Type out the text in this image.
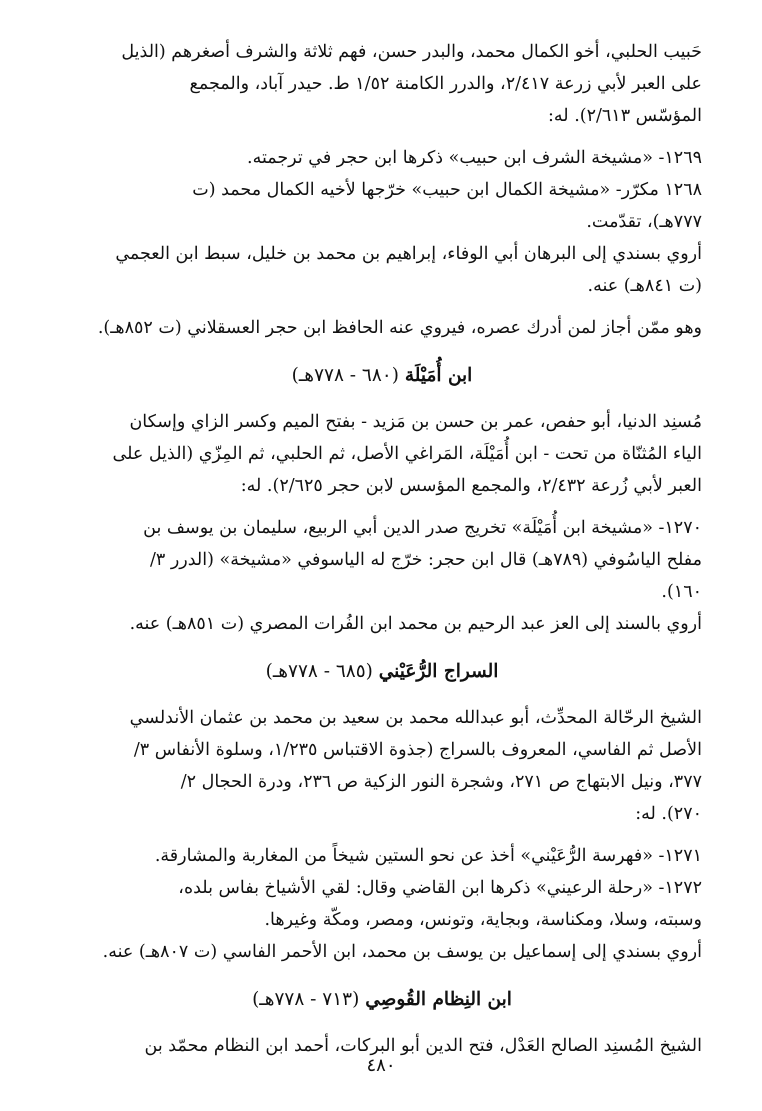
حَبيب الحلبي، أخو الكمال محمد، والبدر حسن، فهم ثلاثة والشرف أصغرهم (الذيل

على العبر لأبي زرعة ٢/٤١٧، والدرر الكامنة ١/٥٢ ط. حيدر آباد، والمجمع

المؤسّس ٢/٦١٣). له:

١٢٦٩- «مشيخة الشرف ابن حبيب» ذكرها ابن حجر في ترجمته.

١٢٦٨ مكرّر- «مشيخة الكمال ابن حبيب» خرّجها لأخيه الكمال محمد (ت

٧٧٧هـ)، تقدّمت.

أروي بسندي إلى البرهان أبي الوفاء، إبراهيم بن محمد بن خليل، سبط ابن العجمي

(ت ٨٤١هـ) عنه.

وهو ممّن أجاز لمن أدرك عصره، فيروي عنه الحافظ ابن حجر العسقلاني (ت ٨٥٢هـ).

ابن أُمَيْلَة (٦٨٠ - ٧٧٨هـ)

مُسنِد الدنيا، أبو حفص، عمر بن حسن بن مَزيد - بفتح الميم وكسر الزاي وإسكان

الياء المُثنّاة من تحت - ابن أُمَيْلَة، المَراغي الأصل، ثم الحلبي، ثم المِزّي (الذيل على

العبر لأبي زُرعة ٢/٤٣٢، والمجمع المؤسس لابن حجر ٢/٦٢٥). له:

١٢٧٠- «مشيخة ابن أُمَيْلَة» تخريج صدر الدين أبي الربيع، سليمان بن يوسف بن

مفلح الياسُوفي (٧٨٩هـ) قال ابن حجر: خرّج له الياسوفي «مشيخة» (الدرر ٣/

١٦٠).

أروي بالسند إلى العز عبد الرحيم بن محمد ابن الفُرات المصري (ت ٨٥١هـ) عنه.

السراج الرُّعَيْني (٦٨٥ - ٧٧٨هـ)

الشيخ الرحّالة المحدِّث، أبو عبدالله محمد بن سعيد بن محمد بن عثمان الأندلسي

الأصل ثم الفاسي، المعروف بالسراج (جذوة الاقتباس ١/٢٣٥، وسلوة الأنفاس ٣/

٣٧٧، ونيل الابتهاج ص ٢٧١، وشجرة النور الزكية ص ٢٣٦، ودرة الحجال ٢/

٢٧٠). له:

١٢٧١- «فهرسة الرُّعَيْني» أخذ عن نحو الستين شيخاً من المغاربة والمشارقة.

١٢٧٢- «رحلة الرعيني» ذكرها ابن القاضي وقال: لقي الأشياخ بفاس بلده،

وسبته، وسلا، ومكناسة، وبجاية، وتونس، ومصر، ومكّة وغيرها.

أروي بسندي إلى إسماعيل بن يوسف بن محمد، ابن الأحمر الفاسي (ت ٨٠٧هـ) عنه.

ابن النِظام القُوصِي (٧١٣ - ٧٧٨هـ)

الشيخ المُسنِد الصالح العَدْل، فتح الدين أبو البركات، أحمد ابن النظام محمّد بن

٤٨٠
